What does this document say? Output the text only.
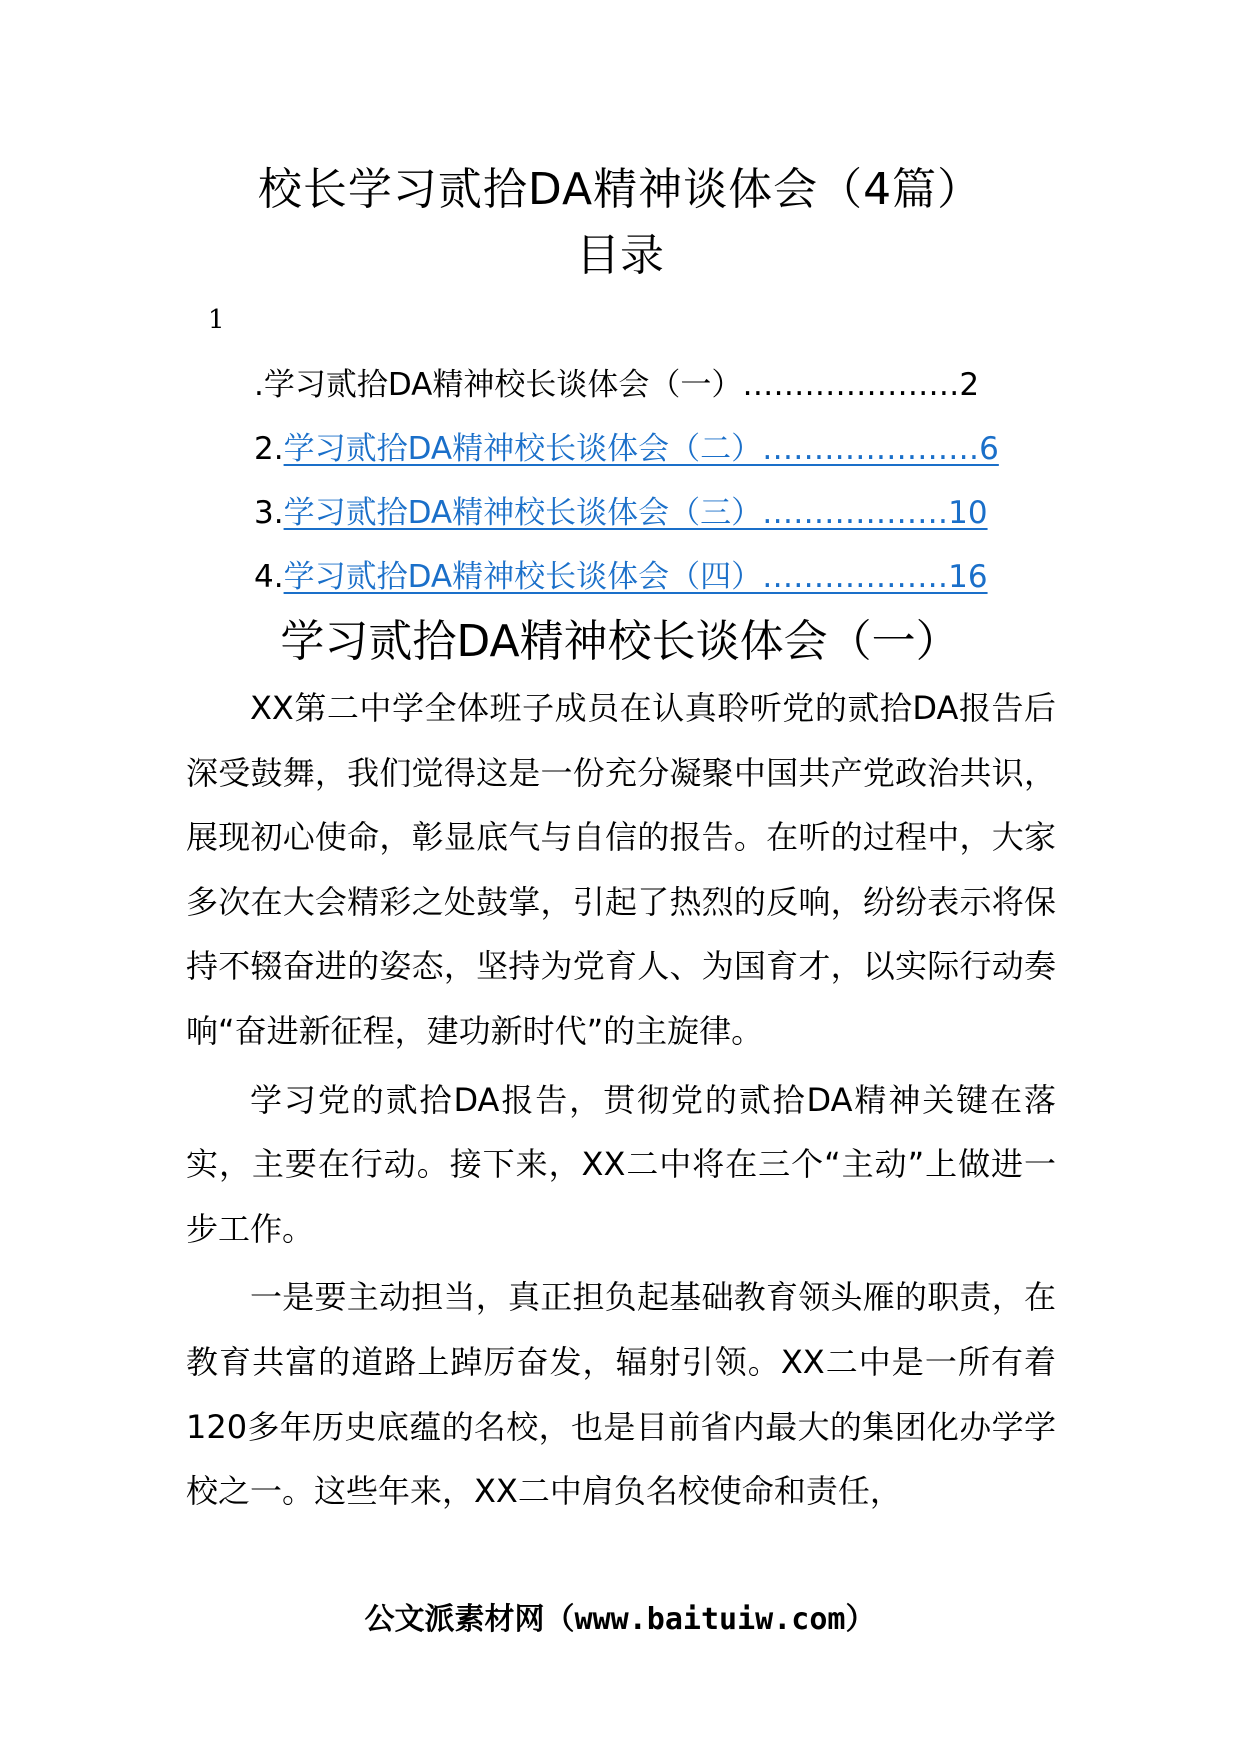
校长学习贰拾DA精神谈体会（4篇）
目录
1
.学习贰拾DA精神校长谈体会（一）…………………2
2. 学习贰拾DA精神校长谈体会（二）…………………6
3. 学习贰拾DA精神校长谈体会（三）………………10
4. 学习贰拾DA精神校长谈体会（四）………………16
学习贰拾DA精神校长谈体会（一）

XX第二中学全体班子成员在认真聆听党的贰拾DA报告后深受鼓舞，我们觉得这是一份充分凝聚中国共产党政治共识，展现初心使命，彰显底气与自信的报告。在听的过程中，大家多次在大会精彩之处鼓掌，引起了热烈的反响，纷纷表示将保持不辍奋进的姿态，坚持为党育人、为国育才，以实际行动奏响“奋进新征程，建功新时代”的主旋律。

学习党的贰拾DA报告，贯彻党的贰拾DA精神关键在落实，主要在行动。接下来，XX二中将在三个“主动”上做进一步工作。

一是要主动担当，真正担负起基础教育领头雁的职责，在教育共富的道路上踔厉奋发，辐射引领。XX二中是一所有着120多年历史底蕴的名校，也是目前省内最大的集团化办学学校之一。这些年来，XX二中肩负名校使命和责任，

公文派素材网（www.baituiw.com）
